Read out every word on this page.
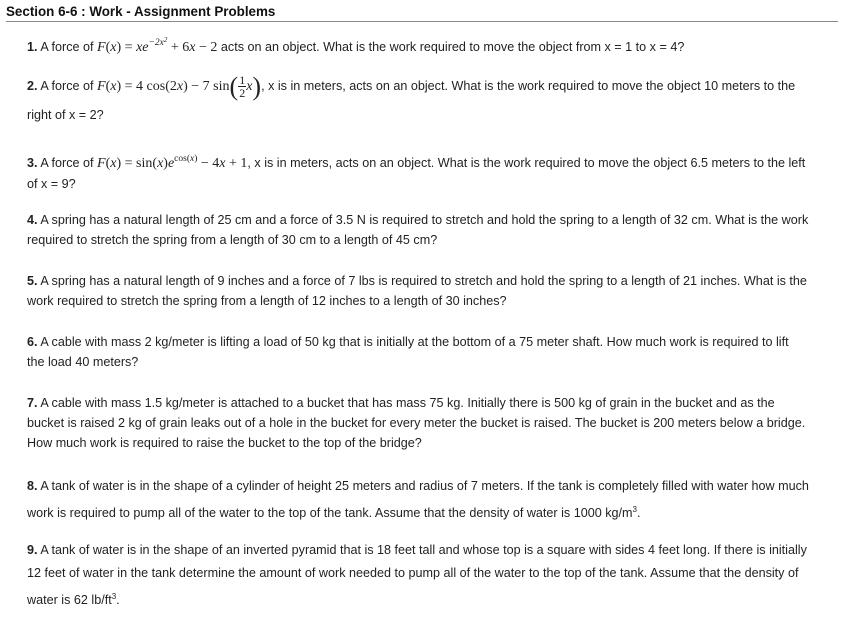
Section 6-6 : Work - Assignment Problems

1. A force of $F(x) = xe^{-2x^2} + 6x - 2$ acts on an object. What is the work required to move the object from x = 1 to x = 4?

2. A force of F(x) = 4 cos(2x) − 7 $\sin( \frac{1}{2} x)$, x is in meters, acts on an object. What is the work required to move the object 10 meters to the right of x = 2?

3. A force of $F(x) = \sin(x)e^{cos(x)} - 4x + 1$, x is in meters, acts on an object. What is the work required to move the object 6.5 meters to the left of x = 9?

4. A spring has a natural length of 25 cm and a force of 3.5 N is required to stretch and hold the spring to a length of 32 cm. What is the work required to stretch the spring from a length of 30 cm to a length of 45 cm?

5. A spring has a natural length of 9 inches and a force of 7 lbs is required to stretch and hold the spring to a length of 21 inches. What is the work required to stretch the spring from a length of 12 inches to a length of 30 inches?

6. A cable with mass 2 kg/meter is lifting a load of 50 kg that is initially at the bottom of a 75 meter shaft. How much work is required to lift the load 40 meters?

7. A cable with mass 1.5 kg/meter is attached to a bucket that has mass 75 kg. Initially there is 500 kg of grain in the bucket and as the bucket is raised 2 kg of grain leaks out of a hole in the bucket for every meter the bucket is raised. The bucket is 200 meters below a bridge. How much work is required to raise the bucket to the top of the bridge?

8. A tank of water is in the shape of a cylinder of height 25 meters and radius of 7 meters. If the tank is completely filled with water how much work is required to pump all of the water to the top of the tank. Assume that the density of water is 1000 $kg/m^3$.

9. A tank of water is in the shape of an inverted pyramid that is 18 feet tall and whose top is a square with sides 4 feet long. If there is initially 12 feet of water in the tank determine the amount of work needed to pump all of the water to the top of the tank. Assume that the density of water is 62 $lb/ft^3$.
